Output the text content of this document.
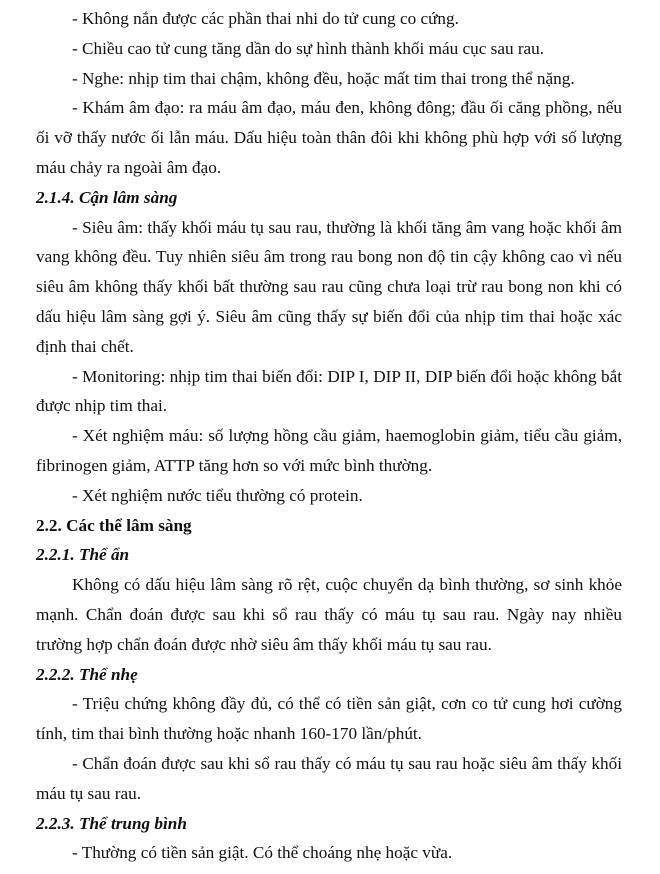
- Không nắn được các phần thai nhi do tử cung co cứng.

- Chiều cao tử cung tăng dần do sự hình thành khối máu cục sau rau.

- Nghe: nhịp tim thai chậm, không đều, hoặc mất tim thai trong thể nặng.

- Khám âm đạo: ra máu âm đạo, máu đen, không đông; đầu ối căng phồng, nếu ối vỡ thấy nước ối lẫn máu. Dấu hiệu toàn thân đôi khi không phù hợp với số lượng máu chảy ra ngoài âm đạo.

2.1.4. Cận lâm sàng

- Siêu âm: thấy khối máu tụ sau rau, thường là khối tăng âm vang hoặc khối âm vang không đều. Tuy nhiên siêu âm trong rau bong non độ tin cậy không cao vì nếu siêu âm không thấy khối bất thường sau rau cũng chưa loại trừ rau bong non khi có dấu hiệu lâm sàng gợi ý. Siêu âm cũng thấy sự biến đổi của nhịp tim thai hoặc xác định thai chết.

- Monitoring: nhịp tim thai biến đổi: DIP I, DIP II, DIP biến đổi hoặc không bắt được nhịp tim thai.

- Xét nghiệm máu: số lượng hồng cầu giảm, haemoglobin giảm, tiểu cầu giảm, fibrinogen giảm, ATTP tăng hơn so với mức bình thường.

- Xét nghiệm nước tiểu thường có protein.

2.2. Các thể lâm sàng

2.2.1. Thể ẩn

Không có dấu hiệu lâm sàng rõ rệt, cuộc chuyển dạ bình thường, sơ sinh khỏe mạnh. Chẩn đoán được sau khi sổ rau thấy có máu tụ sau rau. Ngày nay nhiều trường hợp chẩn đoán được nhờ siêu âm thấy khối máu tụ sau rau.

2.2.2. Thể nhẹ

- Triệu chứng không đầy đủ, có thể có tiền sản giật, cơn co tử cung hơi cường tính, tim thai bình thường hoặc nhanh 160-170 lần/phút.

- Chẩn đoán được sau khi sổ rau thấy có máu tụ sau rau hoặc siêu âm thấy khối máu tụ sau rau.

2.2.3. Thể trung bình

- Thường có tiền sản giật. Có thể choáng nhẹ hoặc vừa.
